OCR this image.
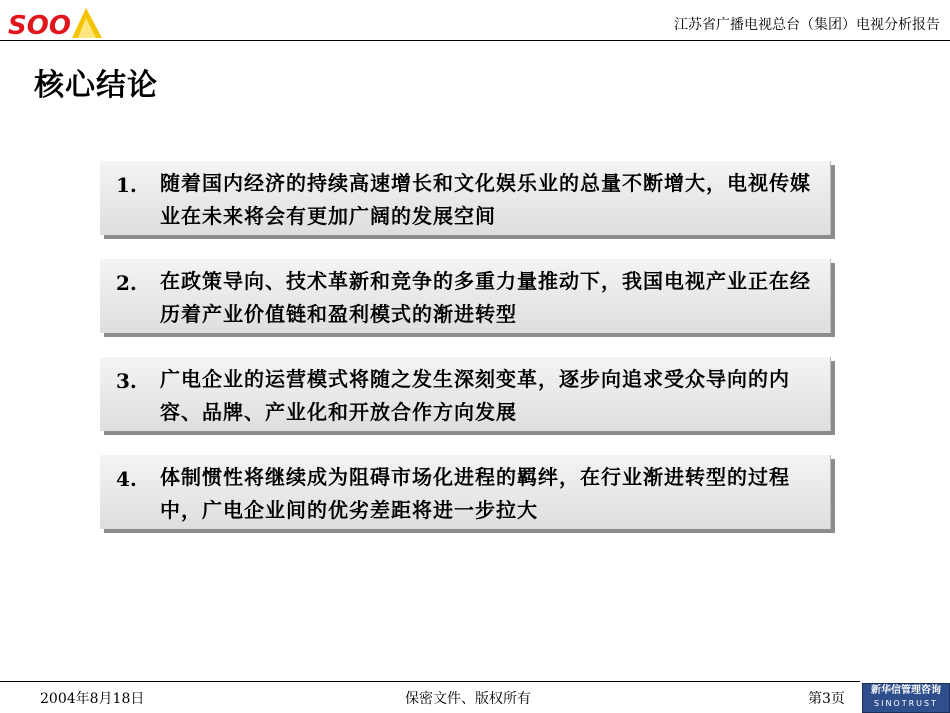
SOO	江苏省广播电视总台（集团）电视分析报告
核心结论
1. 随着国内经济的持续高速增长和文化娱乐业的总量不断增大，电视传媒业在未来将会有更加广阔的发展空间
2. 在政策导向、技术革新和竞争的多重力量推动下，我国电视产业正在经历着产业价值链和盈利模式的渐进转型
3. 广电企业的运营模式将随之发生深刻变革，逐步向追求受众导向的内容、品牌、产业化和开放合作方向发展
4. 体制惯性将继续成为阻碍市场化进程的羁绊，在行业渐进转型的过程中，广电企业间的优劣差距将进一步拉大
2004年8月18日	保密文件、版权所有	第3页
新华信管理咨询
SINOTRUST
